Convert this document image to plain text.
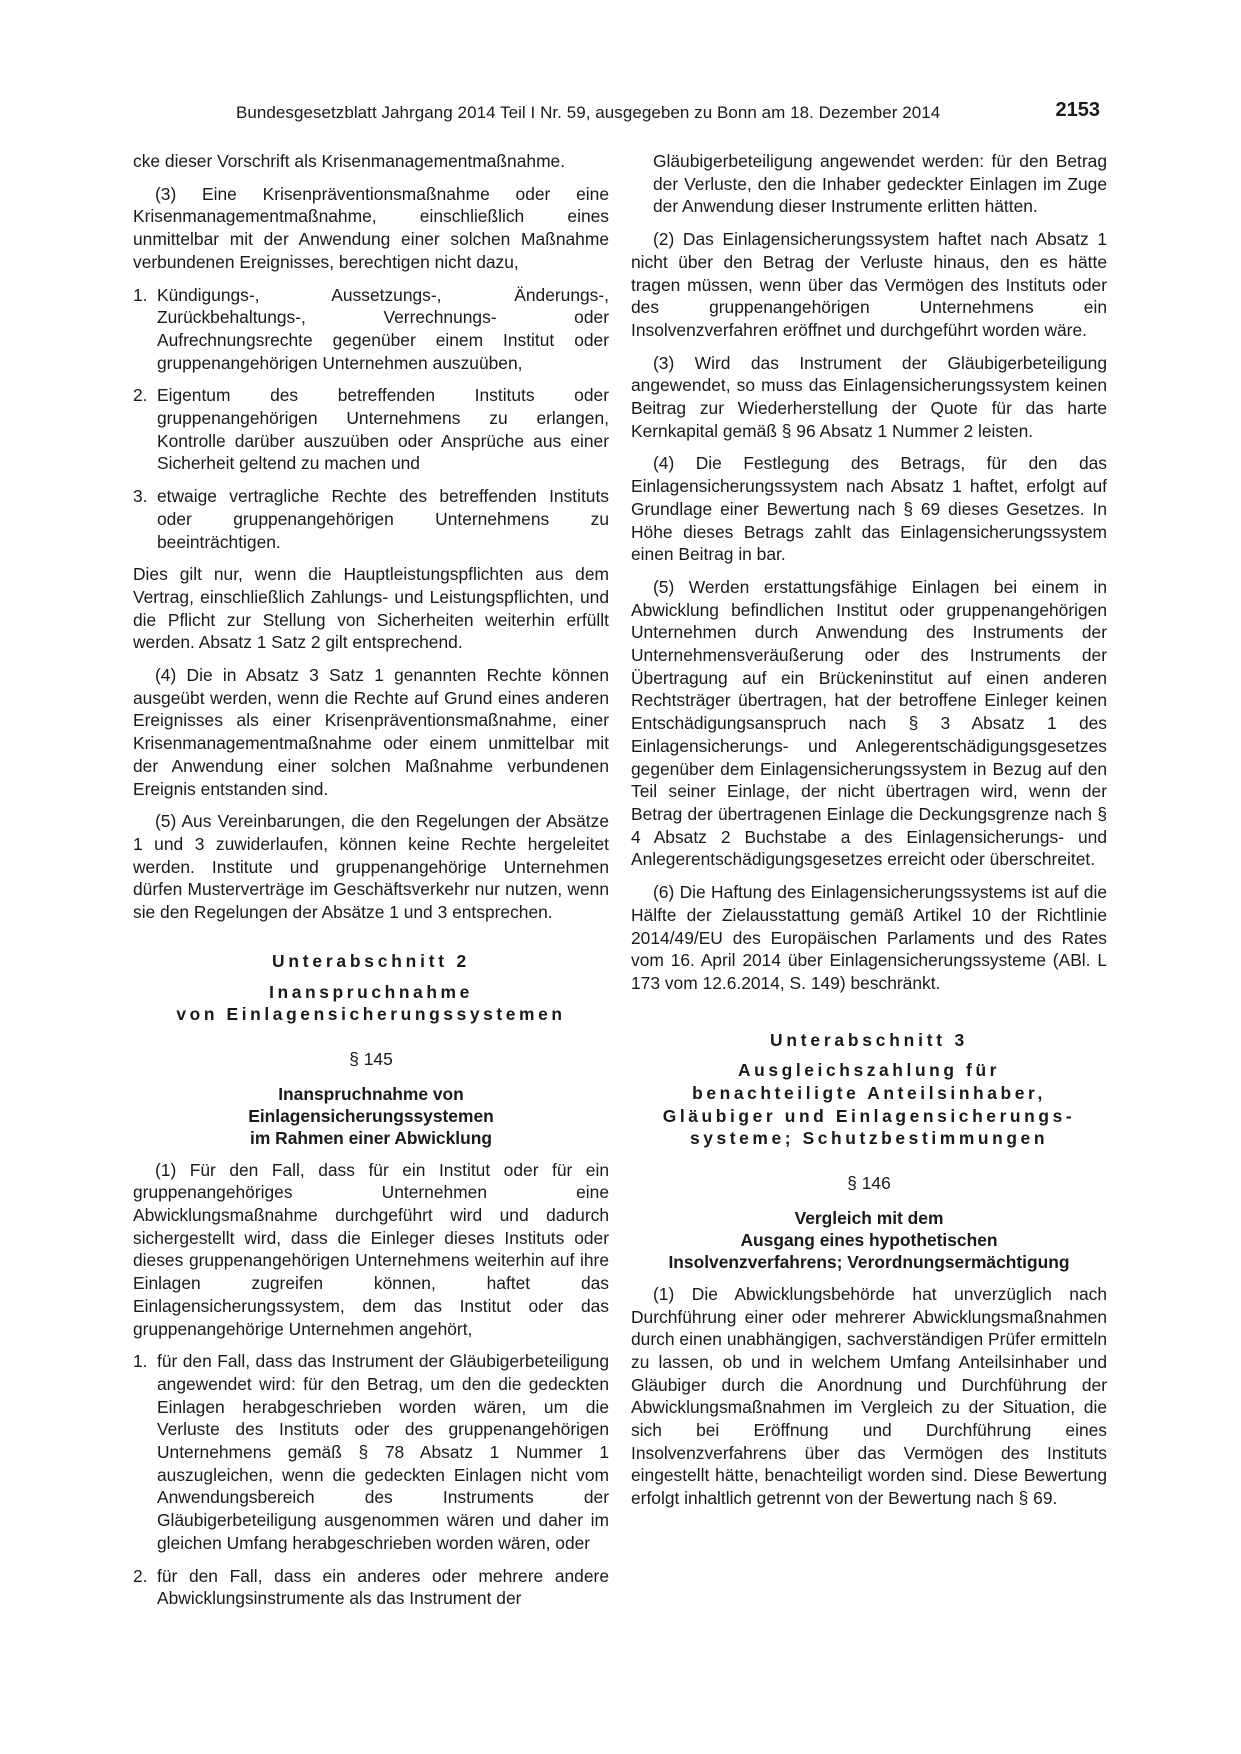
Bundesgesetzblatt Jahrgang 2014 Teil I Nr. 59, ausgegeben zu Bonn am 18. Dezember 2014	2153

cke dieser Vorschrift als Krisenmanagementmaßnahme.

(3) Eine Krisenpräventionsmaßnahme oder eine Krisenmanagementmaßnahme, einschließlich eines unmittelbar mit der Anwendung einer solchen Maßnahme verbundenen Ereignisses, berechtigen nicht dazu,

1. Kündigungs-, Aussetzungs-, Änderungs-, Zurückbehaltungs-, Verrechnungs- oder Aufrechnungsrechte gegenüber einem Institut oder gruppenangehörigen Unternehmen auszuüben,
2. Eigentum des betreffenden Instituts oder gruppenangehörigen Unternehmens zu erlangen, Kontrolle darüber auszuüben oder Ansprüche aus einer Sicherheit geltend zu machen und
3. etwaige vertragliche Rechte des betreffenden Instituts oder gruppenangehörigen Unternehmens zu beeinträchtigen.

Dies gilt nur, wenn die Hauptleistungspflichten aus dem Vertrag, einschließlich Zahlungs- und Leistungspflichten, und die Pflicht zur Stellung von Sicherheiten weiterhin erfüllt werden. Absatz 1 Satz 2 gilt entsprechend.

(4) Die in Absatz 3 Satz 1 genannten Rechte können ausgeübt werden, wenn die Rechte auf Grund eines anderen Ereignisses als einer Krisenpräventionsmaßnahme, einer Krisenmanagementmaßnahme oder einem unmittelbar mit der Anwendung einer solchen Maßnahme verbundenen Ereignis entstanden sind.

(5) Aus Vereinbarungen, die den Regelungen der Absätze 1 und 3 zuwiderlaufen, können keine Rechte hergeleitet werden. Institute und gruppenangehörige Unternehmen dürfen Musterverträge im Geschäftsverkehr nur nutzen, wenn sie den Regelungen der Absätze 1 und 3 entsprechen.

Unterabschnitt 2
Inanspruchnahme
von Einlagensicherungssystemen
§ 145
Inanspruchnahme von
Einlagensicherungssystemen
im Rahmen einer Abwicklung

(1) Für den Fall, dass für ein Institut oder für ein gruppenangehöriges Unternehmen eine Abwicklungsmaßnahme durchgeführt wird und dadurch sichergestellt wird, dass die Einleger dieses Instituts oder dieses gruppenangehörigen Unternehmens weiterhin auf ihre Einlagen zugreifen können, haftet das Einlagensicherungssystem, dem das Institut oder das gruppenangehörige Unternehmen angehört,

1. für den Fall, dass das Instrument der Gläubigerbeteiligung angewendet wird: für den Betrag, um den die gedeckten Einlagen herabgeschrieben worden wären, um die Verluste des Instituts oder des gruppenangehörigen Unternehmens gemäß § 78 Absatz 1 Nummer 1 auszugleichen, wenn die gedeckten Einlagen nicht vom Anwendungsbereich des Instruments der Gläubigerbeteiligung ausgenommen wären und daher im gleichen Umfang herabgeschrieben worden wären, oder
2. für den Fall, dass ein anderes oder mehrere andere Abwicklungsinstrumente als das Instrument der

Gläubigerbeteiligung angewendet werden: für den Betrag der Verluste, den die Inhaber gedeckter Einlagen im Zuge der Anwendung dieser Instrumente erlitten hätten.

(2) Das Einlagensicherungssystem haftet nach Absatz 1 nicht über den Betrag der Verluste hinaus, den es hätte tragen müssen, wenn über das Vermögen des Instituts oder des gruppenangehörigen Unternehmens ein Insolvenzverfahren eröffnet und durchgeführt worden wäre.

(3) Wird das Instrument der Gläubigerbeteiligung angewendet, so muss das Einlagensicherungssystem keinen Beitrag zur Wiederherstellung der Quote für das harte Kernkapital gemäß § 96 Absatz 1 Nummer 2 leisten.

(4) Die Festlegung des Betrags, für den das Einlagensicherungssystem nach Absatz 1 haftet, erfolgt auf Grundlage einer Bewertung nach § 69 dieses Gesetzes. In Höhe dieses Betrags zahlt das Einlagensicherungssystem einen Beitrag in bar.

(5) Werden erstattungsfähige Einlagen bei einem in Abwicklung befindlichen Institut oder gruppenangehörigen Unternehmen durch Anwendung des Instruments der Unternehmensveräußerung oder des Instruments der Übertragung auf ein Brückeninstitut auf einen anderen Rechtsträger übertragen, hat der betroffene Einleger keinen Entschädigungsanspruch nach § 3 Absatz 1 des Einlagensicherungs- und Anlegerentschädigungsgesetzes gegenüber dem Einlagensicherungssystem in Bezug auf den Teil seiner Einlage, der nicht übertragen wird, wenn der Betrag der übertragenen Einlage die Deckungsgrenze nach § 4 Absatz 2 Buchstabe a des Einlagensicherungs- und Anlegerentschädigungsgesetzes erreicht oder überschreitet.

(6) Die Haftung des Einlagensicherungssystems ist auf die Hälfte der Zielausstattung gemäß Artikel 10 der Richtlinie 2014/49/EU des Europäischen Parlaments und des Rates vom 16. April 2014 über Einlagensicherungssysteme (ABl. L 173 vom 12.6.2014, S. 149) beschränkt.

Unterabschnitt 3
Ausgleichszahlung für
benachteiligte Anteilsinhaber,
Gläubiger und Einlagensicherungs-
systeme; Schutzbestimmungen
§ 146
Vergleich mit dem
Ausgang eines hypothetischen
Insolvenzverfahrens; Verordnungsermächtigung

(1) Die Abwicklungsbehörde hat unverzüglich nach Durchführung einer oder mehrerer Abwicklungsmaßnahmen durch einen unabhängigen, sachverständigen Prüfer ermitteln zu lassen, ob und in welchem Umfang Anteilsinhaber und Gläubiger durch die Anordnung und Durchführung der Abwicklungsmaßnahmen im Vergleich zu der Situation, die sich bei Eröffnung und Durchführung eines Insolvenzverfahrens über das Vermögen des Instituts eingestellt hätte, benachteiligt worden sind. Diese Bewertung erfolgt inhaltlich getrennt von der Bewertung nach § 69.
